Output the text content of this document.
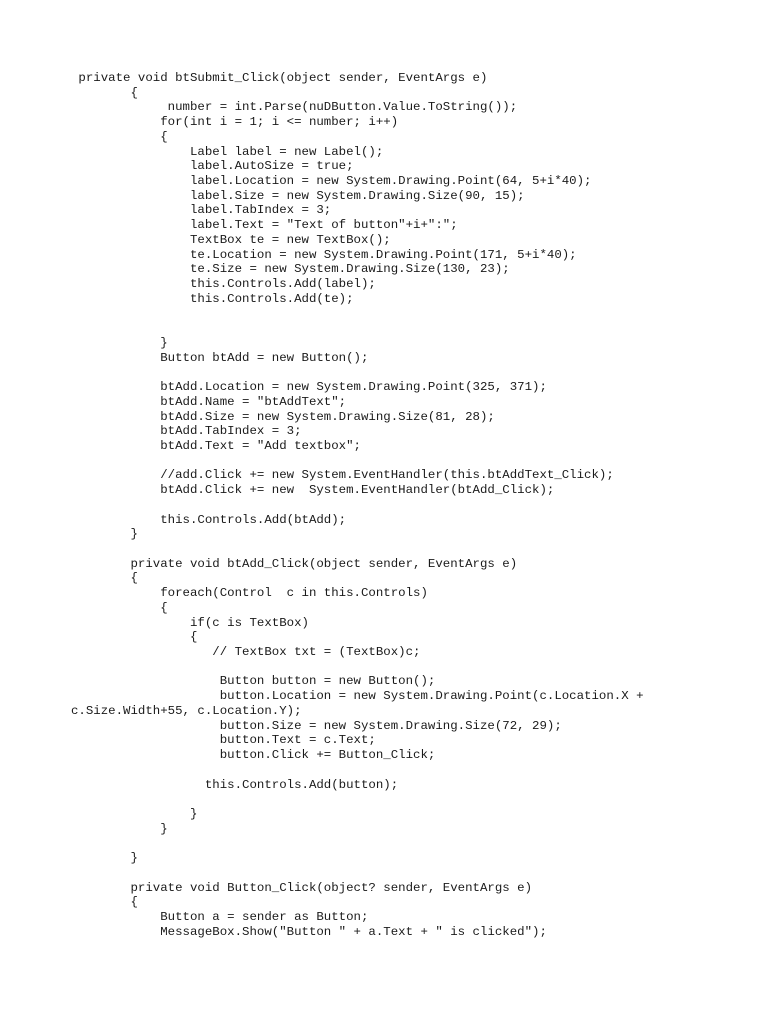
private void btSubmit_Click(object sender, EventArgs e)
{
number = int.Parse(nuDButton.Value.ToString());
for(int i = 1; i <= number; i++)
{
Label label = new Label();
label.AutoSize = true;
label.Location = new System.Drawing.Point(64, 5+i*40);
label.Size = new System.Drawing.Size(90, 15);
label.TabIndex = 3;
label.Text = "Text of button"+i+":";
TextBox te = new TextBox();
te.Location = new System.Drawing.Point(171, 5+i*40);
te.Size = new System.Drawing.Size(130, 23);
this.Controls.Add(label);
this.Controls.Add(te);
}
Button btAdd = new Button();
btAdd.Location = new System.Drawing.Point(325, 371);
btAdd.Name = "btAddText";
btAdd.Size = new System.Drawing.Size(81, 28);
btAdd.TabIndex = 3;
btAdd.Text = "Add textbox";
//add.Click += new System.EventHandler(this.btAddText_Click);
btAdd.Click += new  System.EventHandler(btAdd_Click);
this.Controls.Add(btAdd);
}
private void btAdd_Click(object sender, EventArgs e)
{
foreach(Control  c in this.Controls)
{
if(c is TextBox)
{
// TextBox txt = (TextBox)c;
Button button = new Button();
button.Location = new System.Drawing.Point(c.Location.X +
c.Size.Width+55, c.Location.Y);
button.Size = new System.Drawing.Size(72, 29);
button.Text = c.Text;
button.Click += Button_Click;
this.Controls.Add(button);
}
}
}
private void Button_Click(object? sender, EventArgs e)
{
Button a = sender as Button;
MessageBox.Show("Button " + a.Text + " is clicked");
